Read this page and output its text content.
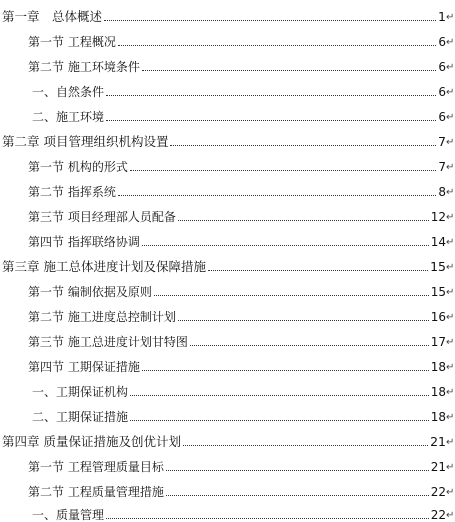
第一章　总体概述	1 ↵
第一节 工程概况	6 ↵
第二节 施工环境条件	6 ↵
一、自然条件	6 ↵
二、施工环境	6 ↵
第二章 项目管理组织机构设置	7 ↵
第一节 机构的形式	7 ↵
第二节 指挥系统	8 ↵
第三节 项目经理部人员配备	12 ↵
第四节 指挥联络协调	14 ↵
第三章 施工总体进度计划及保障措施	15 ↵
第一节 编制依据及原则	15 ↵
第二节 施工进度总控制计划	16 ↵
第三节 施工总进度计划甘特图	17 ↵
第四节 工期保证措施	18 ↵
一、工期保证机构	18 ↵
二、工期保证措施	18 ↵
第四章 质量保证措施及创优计划	21 ↵
第一节 工程管理质量目标	21 ↵
第二节 工程质量管理措施	22 ↵
一、质量管理	22 ↵
